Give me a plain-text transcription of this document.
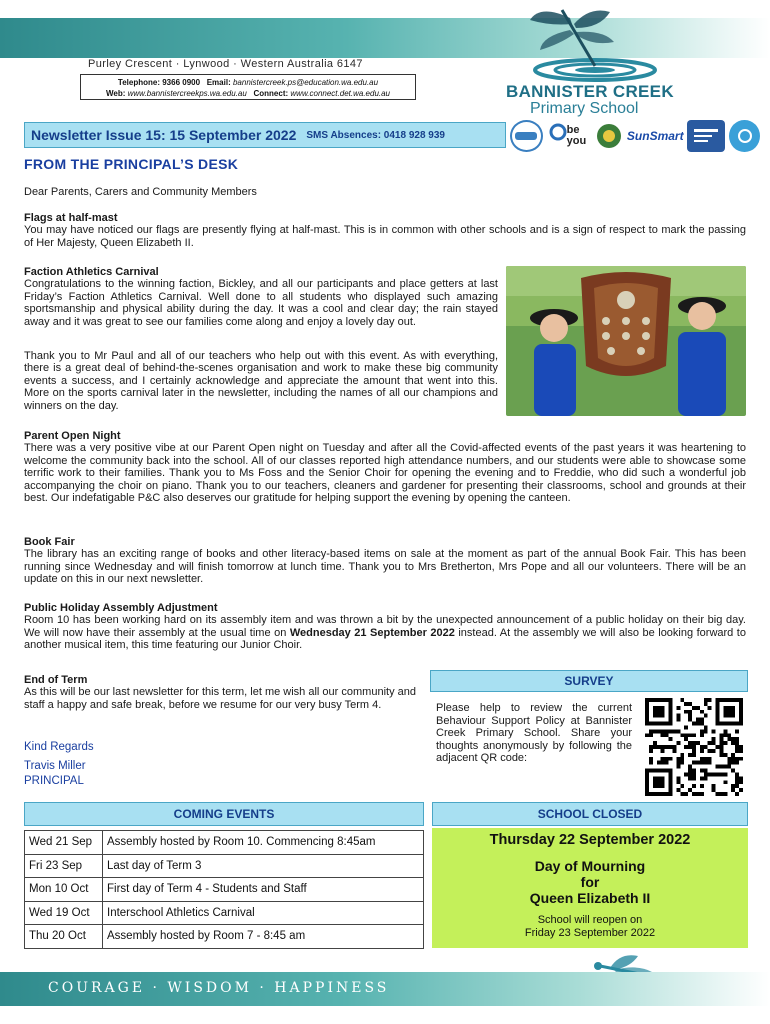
Purley Crescent · Lynwood · Western Australia 6147
Telephone: 9366 0900 Email: bannistercreek.ps@education.wa.edu.au
Web: www.bannistercreekps.wa.edu.au Connect: www.connect.det.wa.edu.au	BANNISTER CREEK
Primary School
Newsletter Issue 15: 15 September 2022 SMS Absences: 0418 928 939	be you	SunSmart
FROM THE PRINCIPAL’S DESK
Dear Parents, Carers and Community Members
Flags at half-mast
You may have noticed our flags are presently flying at half-mast. This is in common with other schools and is a sign of respect to mark the passing of Her Majesty, Queen Elizabeth II.
Faction Athletics Carnival
Congratulations to the winning faction, Bickley, and all our participants and place getters at last Friday’s Faction Athletics Carnival. Well done to all students who displayed such amazing sportsmanship and physical ability during the day. It was a cool and clear day; the rain stayed away and it was great to see our families come along and enjoy a lovely day out.
Thank you to Mr Paul and all of our teachers who help out with this event. As with everything, there is a great deal of behind-the-scenes organisation and work to make these big community events a success, and I certainly acknowledge and appreciate the amount that went into this. More on the sports carnival later in the newsletter, including the names of all our champions and winners on the day.
Parent Open Night
There was a very positive vibe at our Parent Open night on Tuesday and after all the Covid-affected events of the past years it was heartening to welcome the community back into the school. All of our classes reported high attendance numbers, and our students were able to showcase some terrific work to their families. Thank you to Ms Foss and the Senior Choir for opening the evening and to Freddie, who did such a wonderful job accompanying the choir on piano. Thank you to our teachers, cleaners and gardener for presenting their classrooms, school and grounds at their best. Our indefatigable P&C also deserves our gratitude for helping support the evening by opening the canteen.
Book Fair
The library has an exciting range of books and other literacy-based items on sale at the moment as part of the annual Book Fair. This has been running since Wednesday and will finish tomorrow at lunch time. Thank you to Mrs Bretherton, Mrs Pope and all our volunteers. There will be an update on this in our next newsletter.
Public Holiday Assembly Adjustment
Room 10 has been working hard on its assembly item and was thrown a bit by the unexpected announcement of a public holiday on their big day. We will now have their assembly at the usual time on Wednesday 21 September 2022 instead. At the assembly we will also be looking forward to another musical item, this time featuring our Junior Choir.
End of Term
As this will be our last newsletter for this term, let me wish all our community and staff a happy and safe break, before we resume for our very busy Term 4.
Kind Regards
Travis Miller
PRINCIPAL
SURVEY
Please help to review the current Behaviour Support Policy at Bannister Creek Primary School. Share your thoughts anonymously by following the adjacent QR code:
COMING EVENTS
Wed 21 Sep	Assembly hosted by Room 10. Commencing 8:45am
Fri 23 Sep	Last day of Term 3
Mon 10 Oct	First day of Term 4 - Students and Staff
Wed 19 Oct	Interschool Athletics Carnival
Thu 20 Oct	Assembly hosted by Room 7 - 8:45 am
SCHOOL CLOSED
Thursday 22 September 2022
Day of Mourning
for
Queen Elizabeth II
School will reopen on
Friday 23 September 2022
COURAGE · WISDOM · HAPPINESS
